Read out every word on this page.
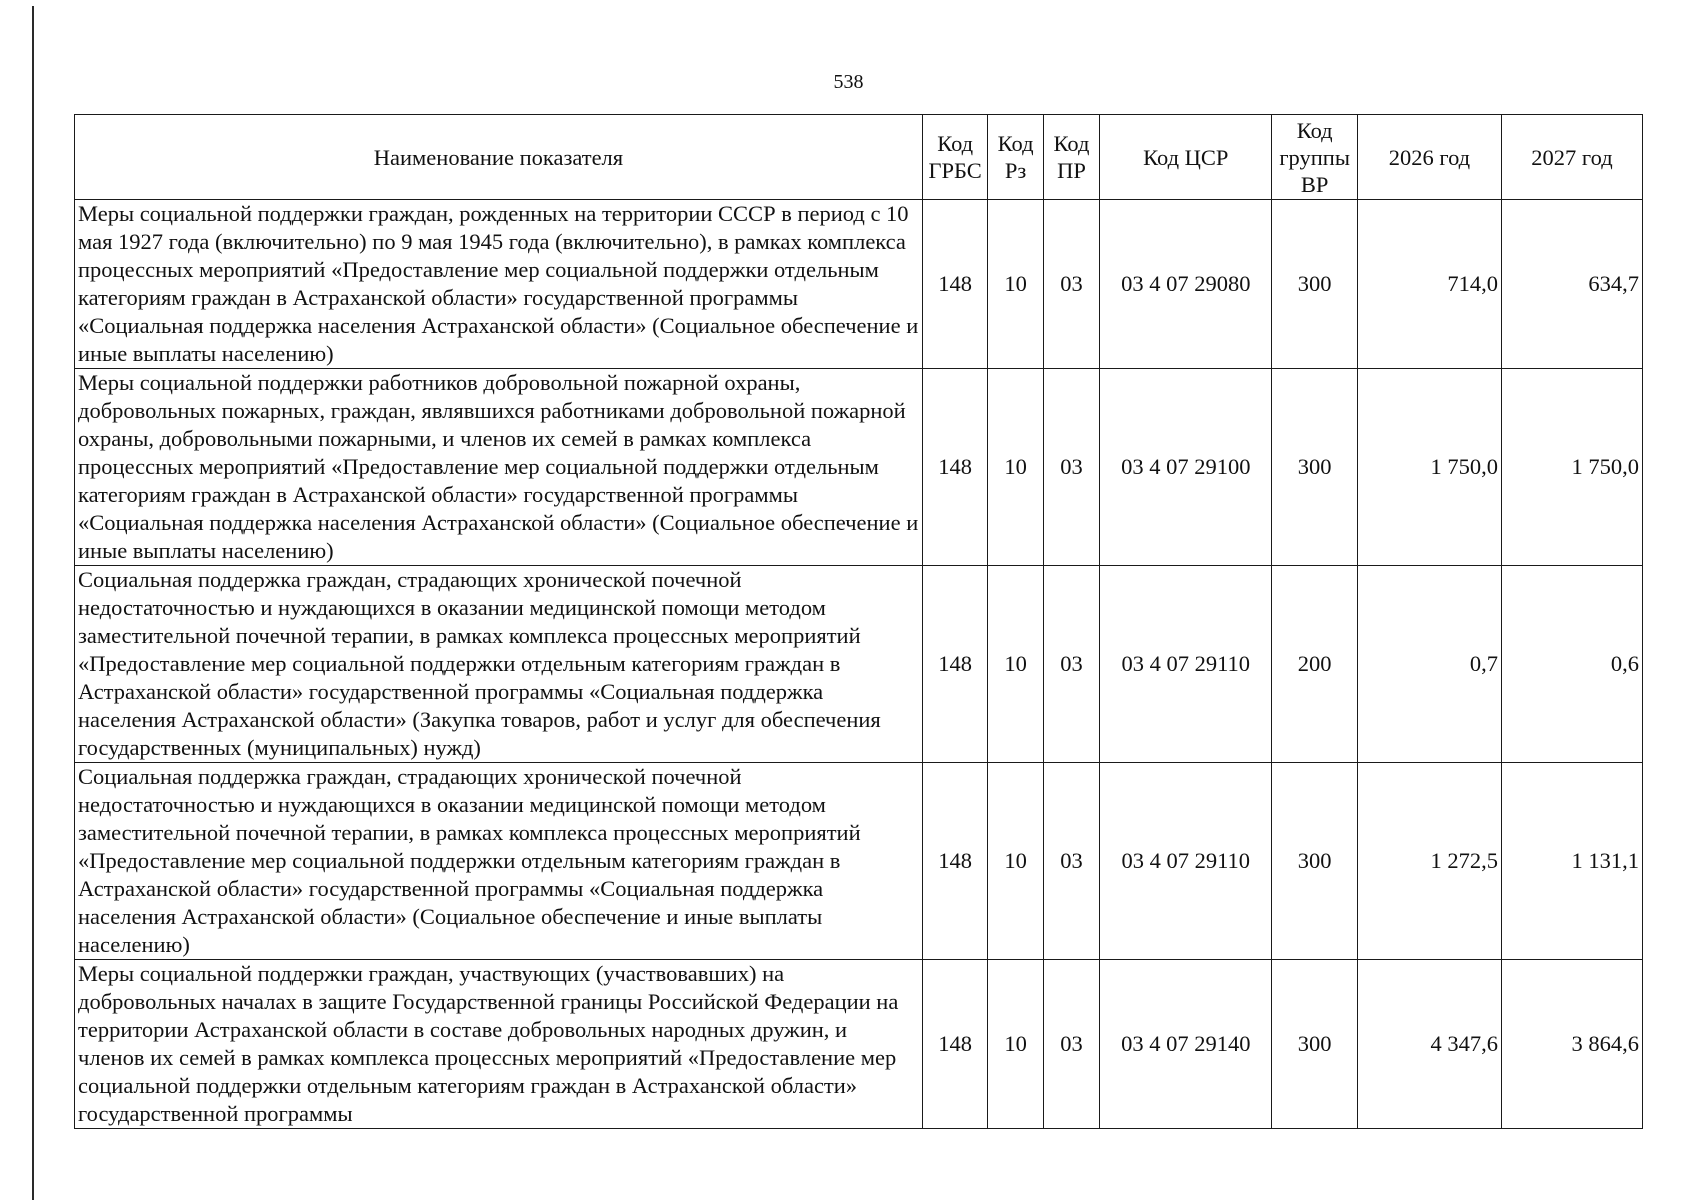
538
Наименование показателя	Код ГРБС	Код Рз	Код ПР	Код ЦСР	Код группы ВР	2026 год	2027 год
Меры социальной поддержки граждан, рожденных на территории СССР в период с 10 мая 1927 года (включительно) по 9 мая 1945 года (включительно), в рамках комплекса процессных мероприятий «Предоставление мер социальной поддержки отдельным категориям граждан в Астраханской области» государственной программы «Социальная поддержка населения Астраханской области» (Социальное обеспечение и иные выплаты населению)	148	10	03	03 4 07 29080	300	714,0	634,7
Меры социальной поддержки работников добровольной пожарной охраны, добровольных пожарных, граждан, являвшихся работниками добровольной пожарной охраны, добровольными пожарными, и членов их семей в рамках комплекса процессных мероприятий «Предоставление мер социальной поддержки отдельным категориям граждан в Астраханской области» государственной программы «Социальная поддержка населения Астраханской области» (Социальное обеспечение и иные выплаты населению)	148	10	03	03 4 07 29100	300	1 750,0	1 750,0
Социальная поддержка граждан, страдающих хронической почечной недостаточностью и нуждающихся в оказании медицинской помощи методом заместительной почечной терапии, в рамках комплекса процессных мероприятий «Предоставление мер социальной поддержки отдельным категориям граждан в Астраханской области» государственной программы «Социальная поддержка населения Астраханской области» (Закупка товаров, работ и услуг для обеспечения государственных (муниципальных) нужд)	148	10	03	03 4 07 29110	200	0,7	0,6
Социальная поддержка граждан, страдающих хронической почечной недостаточностью и нуждающихся в оказании медицинской помощи методом заместительной почечной терапии, в рамках комплекса процессных мероприятий «Предоставление мер социальной поддержки отдельным категориям граждан в Астраханской области» государственной программы «Социальная поддержка населения Астраханской области» (Социальное обеспечение и иные выплаты населению)	148	10	03	03 4 07 29110	300	1 272,5	1 131,1
Меры социальной поддержки граждан, участвующих (участвовавших) на добровольных началах в защите Государственной границы Российской Федерации на территории Астраханской области в составе добровольных народных дружин, и членов их семей в рамках комплекса процессных мероприятий «Предоставление мер социальной поддержки отдельным категориям граждан в Астраханской области» государственной программы	148	10	03	03 4 07 29140	300	4 347,6	3 864,6
